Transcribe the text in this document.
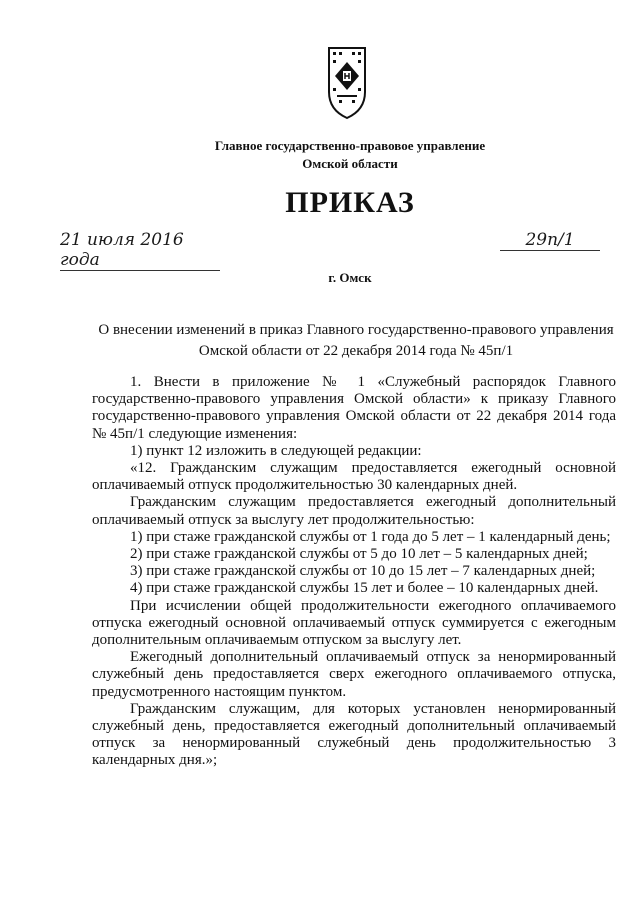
Главное государственно-правовое управление
Омской области
ПРИКАЗ
21 июля 2016 года
29п/1
г. Омск
О внесении изменений в приказ Главного государственно-правового управления Омской области от 22 декабря 2014 года № 45п/1

1. Внести в приложение № 1 «Служебный распорядок Главного государственно-правового управления Омской области» к приказу Главного государственно-правового управления Омской области от 22 декабря 2014 года № 45п/1 следующие изменения:

1) пункт 12 изложить в следующей редакции:

«12. Гражданским служащим предоставляется ежегодный основной оплачиваемый отпуск продолжительностью 30 календарных дней.

Гражданским служащим предоставляется ежегодный дополнительный оплачиваемый отпуск за выслугу лет продолжительностью:

1) при стаже гражданской службы от 1 года до 5 лет – 1 календарный день;

2) при стаже гражданской службы от 5 до 10 лет – 5 календарных дней;

3) при стаже гражданской службы от 10 до 15 лет – 7 календарных дней;

4) при стаже гражданской службы 15 лет и более – 10 календарных дней.

При исчислении общей продолжительности ежегодного оплачиваемого отпуска ежегодный основной оплачиваемый отпуск суммируется с ежегодным дополнительным оплачиваемым отпуском за выслугу лет.

Ежегодный дополнительный оплачиваемый отпуск за ненормированный служебный день предоставляется сверх ежегодного оплачиваемого отпуска, предусмотренного настоящим пунктом.

Гражданским служащим, для которых установлен ненормированный служебный день, предоставляется ежегодный дополнительный оплачиваемый отпуск за ненормированный служебный день продолжительностью 3 календарных дня.»;
